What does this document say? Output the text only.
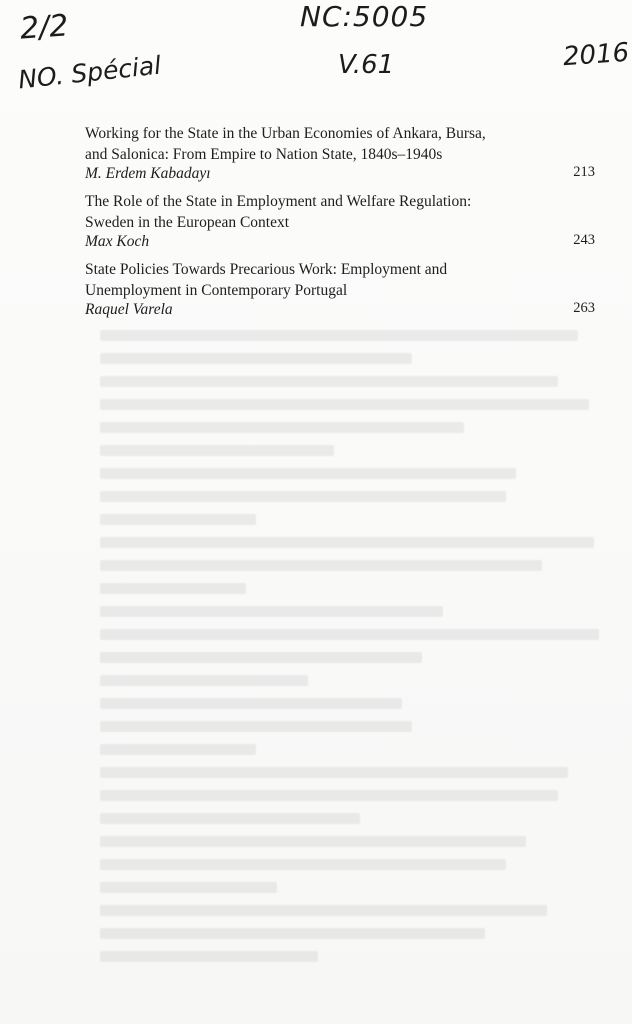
2/2
NO. Spécial
NC:5005
V.61	2016
Working for the State in the Urban Economies of Ankara, Bursa,
and Salonica: From Empire to Nation State, 1840s–1940s
M. Erdem Kabadayı	213
The Role of the State in Employment and Welfare Regulation:
Sweden in the European Context
Max Koch	243
State Policies Towards Precarious Work: Employment and
Unemployment in Contemporary Portugal
Raquel Varela	263
